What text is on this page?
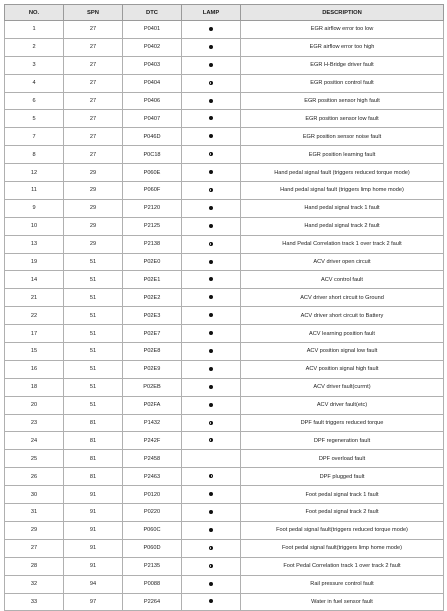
NO.	SPN	DTC	LAMP	DESCRIPTION
1	27	P0401		EGR airflow error too low
2	27	P0402		EGR airflow error too high
3	27	P0403		EGR H-Bridge driver fault
4	27	P0404		EGR position control fault
6	27	P0406		EGR position sensor high fault
5	27	P0407		EGR position sensor low fault
7	27	P046D		EGR position sensor noise fault
8	27	P0C18		EGR position learning fault
12	29	P060E		Hand pedal signal fault (triggers reduced torque mode)
11	29	P060F		Hand pedal signal fault (triggers limp home mode)
9	29	P2120		Hand pedal signal track 1 fault
10	29	P2125		Hand pedal signal track 2 fault
13	29	P2138		Hand Pedal Correlation track 1 over track 2 fault
19	51	P02E0		ACV driver open circuit
14	51	P02E1		ACV control fault
21	51	P02E2		ACV driver short circuit to Ground
22	51	P02E3		ACV driver short circuit to Battery
17	51	P02E7		ACV learning position fault
15	51	P02E8		ACV position signal low fault
16	51	P02E9		ACV position signal high fault
18	51	P02EB		ACV driver fault(currnt)
20	51	P02FA		ACV driver fault(etc)
23	81	P1432		DPF fault triggers reduced torque
24	81	P242F		DPF regeneration fault
25	81	P2458		DPF overload fault
26	81	P2463		DPF plugged fault
30	91	P0120		Foot pedal signal track 1 fault
31	91	P0220		Foot pedal signal track 2 fault
29	91	P060C		Foot pedal signal fault(triggers reduced torque mode)
27	91	P060D		Foot pedal signal fault(triggers limp home mode)
28	91	P2135		Foot Pedal Correlation track 1 over track 2 fault
32	94	P0088		Rail pressure control fault
33	97	P2264		Water in fuel sensor fault
